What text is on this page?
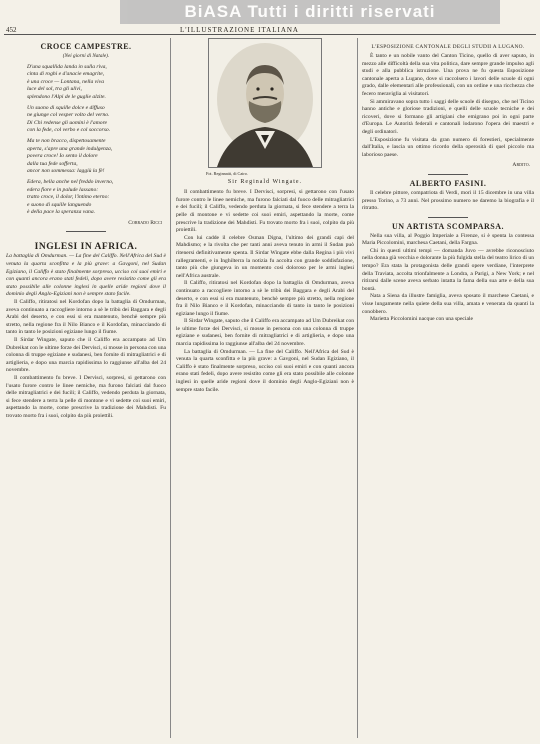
452	L'ILLUSTRAZIONE ITALIANA
BiASA Tutti i diritti riservati
CROCE CAMPESTRE.
(Nei giorni di Natale).
D'una squallida landa in sulla riva,
cinta di roghi e d'anacie emagrite,
è una croce — Lontana, nella viva
luce del sol, tra gli ulivi,
splendono l'Alpi de le guglie alzite.
Un suono di squille dolce e diffuso
ne giunge col vesper volto del verno.
Di Chi redense gli uomini è l'amore
con la fede, col verbo e col soccorso.
Ma te non bracco, dispettosamente
aperta, s'apre una grande indulgenza,
povera croce! Io sento il dolore
dalla tua fede sofferta,
ancor non sommessa: laggiù la fè!
Edera, bella anche nel freddo inverno,
edera fiore e in palude lassano:
tratto croce, il dolor, l'intimo eterno:
e suono di squille languendo
è della pace la speranza vana.
Corrado Ricci
INGLESI IN AFRICA.

La battaglia di Omdurman. — La fine del Califfo. Nell'Africa del Sud è venuta la quarta sconfitta e la più grave: a Gavgoni, nel Sudan Egiziano, il Califfo è stato finalmente sorpreso, ucciso coi suoi emiri e con quanti ancora erano stati fedeli, dopo avere resistito come gli era stato possibile alle colonne inglesi in quelle aride regioni dove il dominio degli Anglo-Egiziani non è sempre stato facile.

Il Califfo, ritiratosi nel Kordofan dopo la battaglia di Omdurman, aveva continuato a raccogliere intorno a sè le tribù dei Baggara e degli Arabi del deserto, e con essi si era mantenuto, benchè sempre più stretto, nella regione fra il Nilo Bianco e il Kordofan, minacciando di tanto in tanto le posizioni egiziane lungo il fiume.

Il Sirdar Wingate, saputo che il Califfo era accampato ad Um Dubreikat con le ultime forze dei Dervisci, si mosse in persona con una colonna di truppe egiziane e sudanesi, ben fornite di mitragliatrici e di artiglieria, e dopo una marcia rapidissima lo raggiunse all'alba del 24 novembre.

Il combattimento fu breve. I Dervisci, sorpresi, si gettarono con l'usato furore contro le linee nemiche, ma furono falciati dal fuoco delle mitragliatrici e dei fucili; il Califfo, vedendo perduta la giornata, si fece stendere a terra la pelle di montone e vi sedette coi suoi emiri, aspettando la morte, come prescrive la tradizione dei Mahdisti. Fu trovato morto fra i suoi, colpito da più proiettili.

Fot. Reginnatti, di Cairo.
Sir Reginald Wingate.

Il combattimento fu breve. I Dervisci, sorpresi, si gettarono con l'usato furore contro le linee nemiche, ma furono falciati dal fuoco delle mitragliatrici e dei fucili; il Califfo, vedendo perduta la giornata, si fece stendere a terra la pelle di montone e vi sedette coi suoi emiri, aspettando la morte, come prescrive la tradizione dei Mahdisti. Fu trovato morto fra i suoi, colpito da più proiettili.

Con lui cadde il celebre Osman Digna, l'ultimo dei grandi capi del Mahdismo; e la rivolta che per tanti anni aveva tenuto in armi il Sudan può ritenersi definitivamente spenta. Il Sirdar Wingate ebbe dalla Regina i più vivi rallegramenti, e in Inghilterra la notizia fu accolta con grande soddisfazione, tanto più che giungeva in un momento così doloroso per le armi inglesi nell'Africa australe.

Il Califfo, ritiratosi nel Kordofan dopo la battaglia di Omdurman, aveva continuato a raccogliere intorno a sè le tribù dei Baggara e degli Arabi del deserto, e con essi si era mantenuto, benchè sempre più stretto, nella regione fra il Nilo Bianco e il Kordofan, minacciando di tanto in tanto le posizioni egiziane lungo il fiume.

Il Sirdar Wingate, saputo che il Califfo era accampato ad Um Dubreikat con le ultime forze dei Dervisci, si mosse in persona con una colonna di truppe egiziane e sudanesi, ben fornite di mitragliatrici e di artiglieria, e dopo una marcia rapidissima lo raggiunse all'alba del 24 novembre.

La battaglia di Omdurman. — La fine del Califfo. Nell'Africa del Sud è venuta la quarta sconfitta e la più grave: a Gavgoni, nel Sudan Egiziano, il Califfo è stato finalmente sorpreso, ucciso coi suoi emiri e con quanti ancora erano stati fedeli, dopo avere resistito come gli era stato possibile alle colonne inglesi in quelle aride regioni dove il dominio degli Anglo-Egiziani non è sempre stato facile.

L'ESPOSIZIONE CANTONALE DEGLI STUDII A LUGANO.

È tanto e un nobile vanto del Canton Ticino, quello di aver saputo, in mezzo alle difficoltà della sua vita politica, dare sempre grande impulso agli studi e alla pubblica istruzione. Una prova ne fu questa Esposizione cantonale aperta a Lugano, dove si raccolsero i lavori delle scuole di ogni grado, dalle elementari alle professionali, con un ordine e una ricchezza che fecero meraviglia ai visitatori.

Si ammiravano sopra tutto i saggi delle scuole di disegno, che nel Ticino hanno antiche e gloriose tradizioni, e quelli delle scuole tecniche e dei ricoveri, dove si formano gli artigiani che emigrano poi in ogni parte d'Europa. Le Autorità federali e cantonali lodarono l'opera dei maestri e degli ordinatori.

L'Esposizione fu visitata da gran numero di forestieri, specialmente dall'Italia, e lascia un ottimo ricordo della operosità di quel piccolo ma laborioso paese.

Ardito.
ALBERTO FASINI.

Il celebre pittore, compatriota di Verdi, morì il 15 dicembre in una villa presso Torino, a 73 anni. Nel prossimo numero ne daremo la biografia e il ritratto.

UN ARTISTA SCOMPARSA.

Nella sua villa, al Poggio Imperiale a Firenze, si è spenta la contessa Maria Piccolomini, marchesa Caetani, della Fargna.

Chi in questi ultimi tempi — domanda Juvo — avrebbe riconosciuto nella donna già vecchia e dolorante la più fulgida stella del teatro lirico di un tempo? Era stata la protagonista delle grandi opere verdiane, l'interprete della Traviata, accolta trionfalmente a Londra, a Parigi, a New York; e nel ritirarsi dalle scene aveva serbato intatta la fama della sua arte e della sua bontà.

Nata a Siena da illustre famiglia, aveva sposato il marchese Caetani, e visse lungamente nella quiete della sua villa, amata e venerata da quanti la conobbero.

Marietta Piccolomini nacque con una speciale
